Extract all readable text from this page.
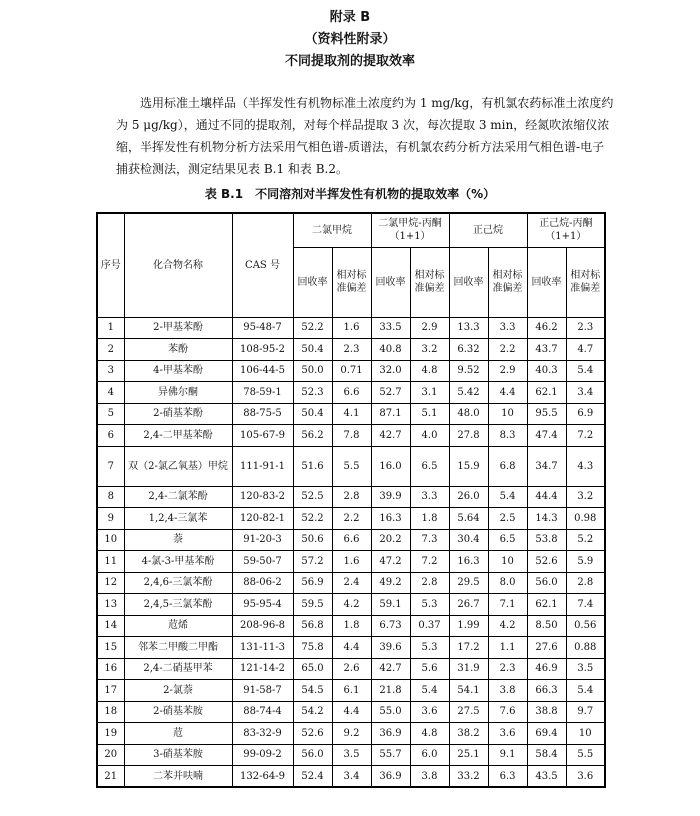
附录 B
（资料性附录）
不同提取剂的提取效率

选用标准土壤样品（半挥发性有机物标准土浓度约为 1 mg/kg，有机氯农药标准土浓度约为 5 μg/kg），通过不同的提取剂，对每个样品提取 3 次，每次提取 3 min，经氮吹浓缩仪浓缩，半挥发性有机物分析方法采用气相色谱-质谱法，有机氯农药分析方法采用气相色谱-电子捕获检测法，测定结果见表 B.1 和表 B.2。

表 B.1　不同溶剂对半挥发性有机物的提取效率（%）
序号	化合物名称	CAS 号	二氯甲烷		二氯甲烷-丙酮（1+1）		正己烷		正己烷-丙酮（1+1）	
			回收率	相对标准偏差	回收率	相对标准偏差	回收率	相对标准偏差	回收率	相对标准偏差
1	2-甲基苯酚	95-48-7	52.2	1.6	33.5	2.9	13.3	3.3	46.2	2.3
2	苯酚	108-95-2	50.4	2.3	40.8	3.2	6.32	2.2	43.7	4.7
3	4-甲基苯酚	106-44-5	50.0	0.71	32.0	4.8	9.52	2.9	40.3	5.4
4	异佛尔酮	78-59-1	52.3	6.6	52.7	3.1	5.42	4.4	62.1	3.4
5	2-硝基苯酚	88-75-5	50.4	4.1	87.1	5.1	48.0	10	95.5	6.9
6	2,4-二甲基苯酚	105-67-9	56.2	7.8	42.7	4.0	27.8	8.3	47.4	7.2
7	双（2-氯乙氧基）甲烷	111-91-1	51.6	5.5	16.0	6.5	15.9	6.8	34.7	4.3
8	2,4-二氯苯酚	120-83-2	52.5	2.8	39.9	3.3	26.0	5.4	44.4	3.2
9	1,2,4-三氯苯	120-82-1	52.2	2.2	16.3	1.8	5.64	2.5	14.3	0.98
10	萘	91-20-3	50.6	6.6	20.2	7.3	30.4	6.5	53.8	5.2
11	4-氯-3-甲基苯酚	59-50-7	57.2	1.6	47.2	7.2	16.3	10	52.6	5.9
12	2,4,6-三氯苯酚	88-06-2	56.9	2.4	49.2	2.8	29.5	8.0	56.0	2.8
13	2,4,5-三氯苯酚	95-95-4	59.5	4.2	59.1	5.3	26.7	7.1	62.1	7.4
14	苊烯	208-96-8	56.8	1.8	6.73	0.37	1.99	4.2	8.50	0.56
15	邻苯二甲酸二甲酯	131-11-3	75.8	4.4	39.6	5.3	17.2	1.1	27.6	0.88
16	2,4-二硝基甲苯	121-14-2	65.0	2.6	42.7	5.6	31.9	2.3	46.9	3.5
17	2-氯萘	91-58-7	54.5	6.1	21.8	5.4	54.1	3.8	66.3	5.4
18	2-硝基苯胺	88-74-4	54.2	4.4	55.0	3.6	27.5	7.6	38.8	9.7
19	苊	83-32-9	52.6	9.2	36.9	4.8	38.2	3.6	69.4	10
20	3-硝基苯胺	99-09-2	56.0	3.5	55.7	6.0	25.1	9.1	58.4	5.5
21	二苯并呋喃	132-64-9	52.4	3.4	36.9	3.8	33.2	6.3	43.5	3.6
